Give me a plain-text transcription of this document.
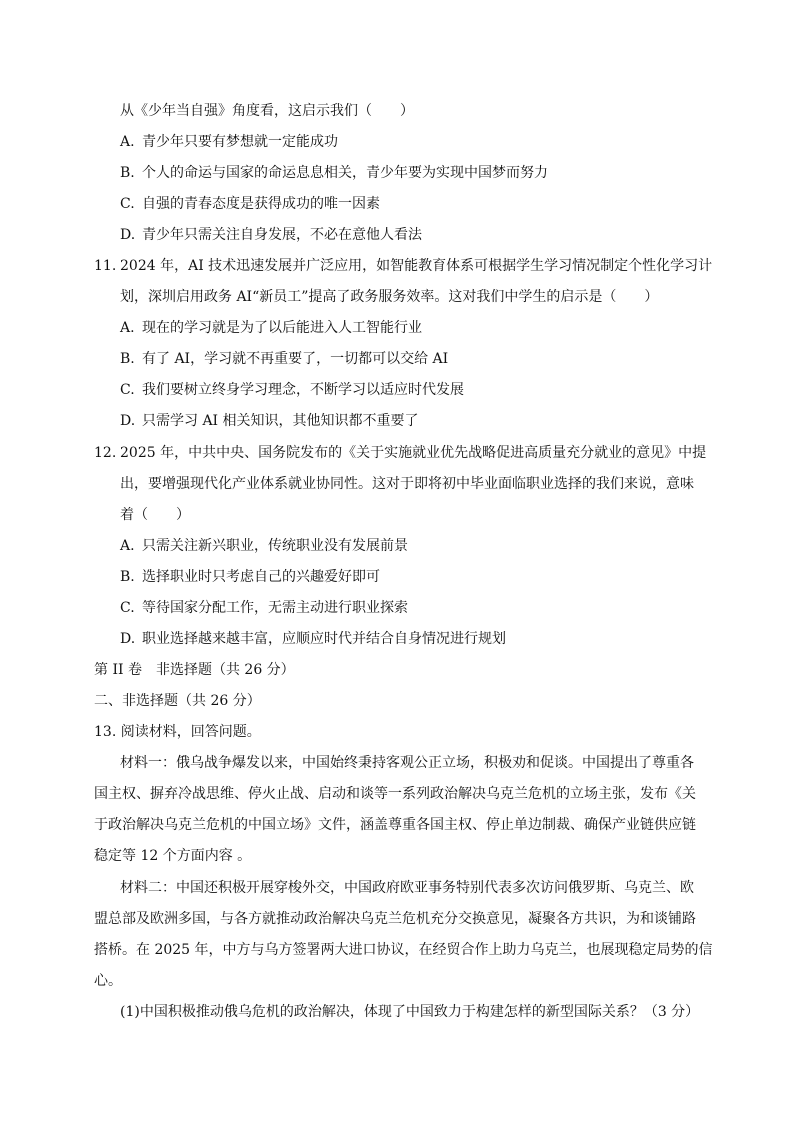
从《少年当自强》角度看，这启示我们（　　）
A. 青少年只要有梦想就一定能成功
B. 个人的命运与国家的命运息息相关，青少年要为实现中国梦而努力
C. 自强的青春态度是获得成功的唯一因素
D. 青少年只需关注自身发展，不必在意他人看法
11. 2024 年，AI 技术迅速发展并广泛应用，如智能教育体系可根据学生学习情况制定个性化学习计
划，深圳启用政务 AI“新员工”提高了政务服务效率。这对我们中学生的启示是（　　）
A. 现在的学习就是为了以后能进入人工智能行业
B. 有了 AI，学习就不再重要了，一切都可以交给 AI
C. 我们要树立终身学习理念，不断学习以适应时代发展
D. 只需学习 AI 相关知识，其他知识都不重要了
12. 2025 年，中共中央、国务院发布的《关于实施就业优先战略促进高质量充分就业的意见》中提
出，要增强现代化产业体系就业协同性。这对于即将初中毕业面临职业选择的我们来说，意味
着（　　）
A. 只需关注新兴职业，传统职业没有发展前景
B. 选择职业时只考虑自己的兴趣爱好即可
C. 等待国家分配工作，无需主动进行职业探索
D. 职业选择越来越丰富，应顺应时代并结合自身情况进行规划
第 II 卷　非选择题（共 26 分）
二、非选择题（共 26 分）
13. 阅读材料，回答问题。
材料一：俄乌战争爆发以来，中国始终秉持客观公正立场，积极劝和促谈。中国提出了尊重各
国主权、摒弃冷战思维、停火止战、启动和谈等一系列政治解决乌克兰危机的立场主张，发布《关
于政治解决乌克兰危机的中国立场》文件，涵盖尊重各国主权、停止单边制裁、确保产业链供应链
稳定等 12 个方面内容 。
材料二：中国还积极开展穿梭外交，中国政府欧亚事务特别代表多次访问俄罗斯、乌克兰、欧
盟总部及欧洲多国，与各方就推动政治解决乌克兰危机充分交换意见，凝聚各方共识，为和谈铺路
搭桥。在 2025 年，中方与乌方签署两大进口协议，在经贸合作上助力乌克兰，也展现稳定局势的信
心。
(1)中国积极推动俄乌危机的政治解决，体现了中国致力于构建怎样的新型国际关系？（3 分）
